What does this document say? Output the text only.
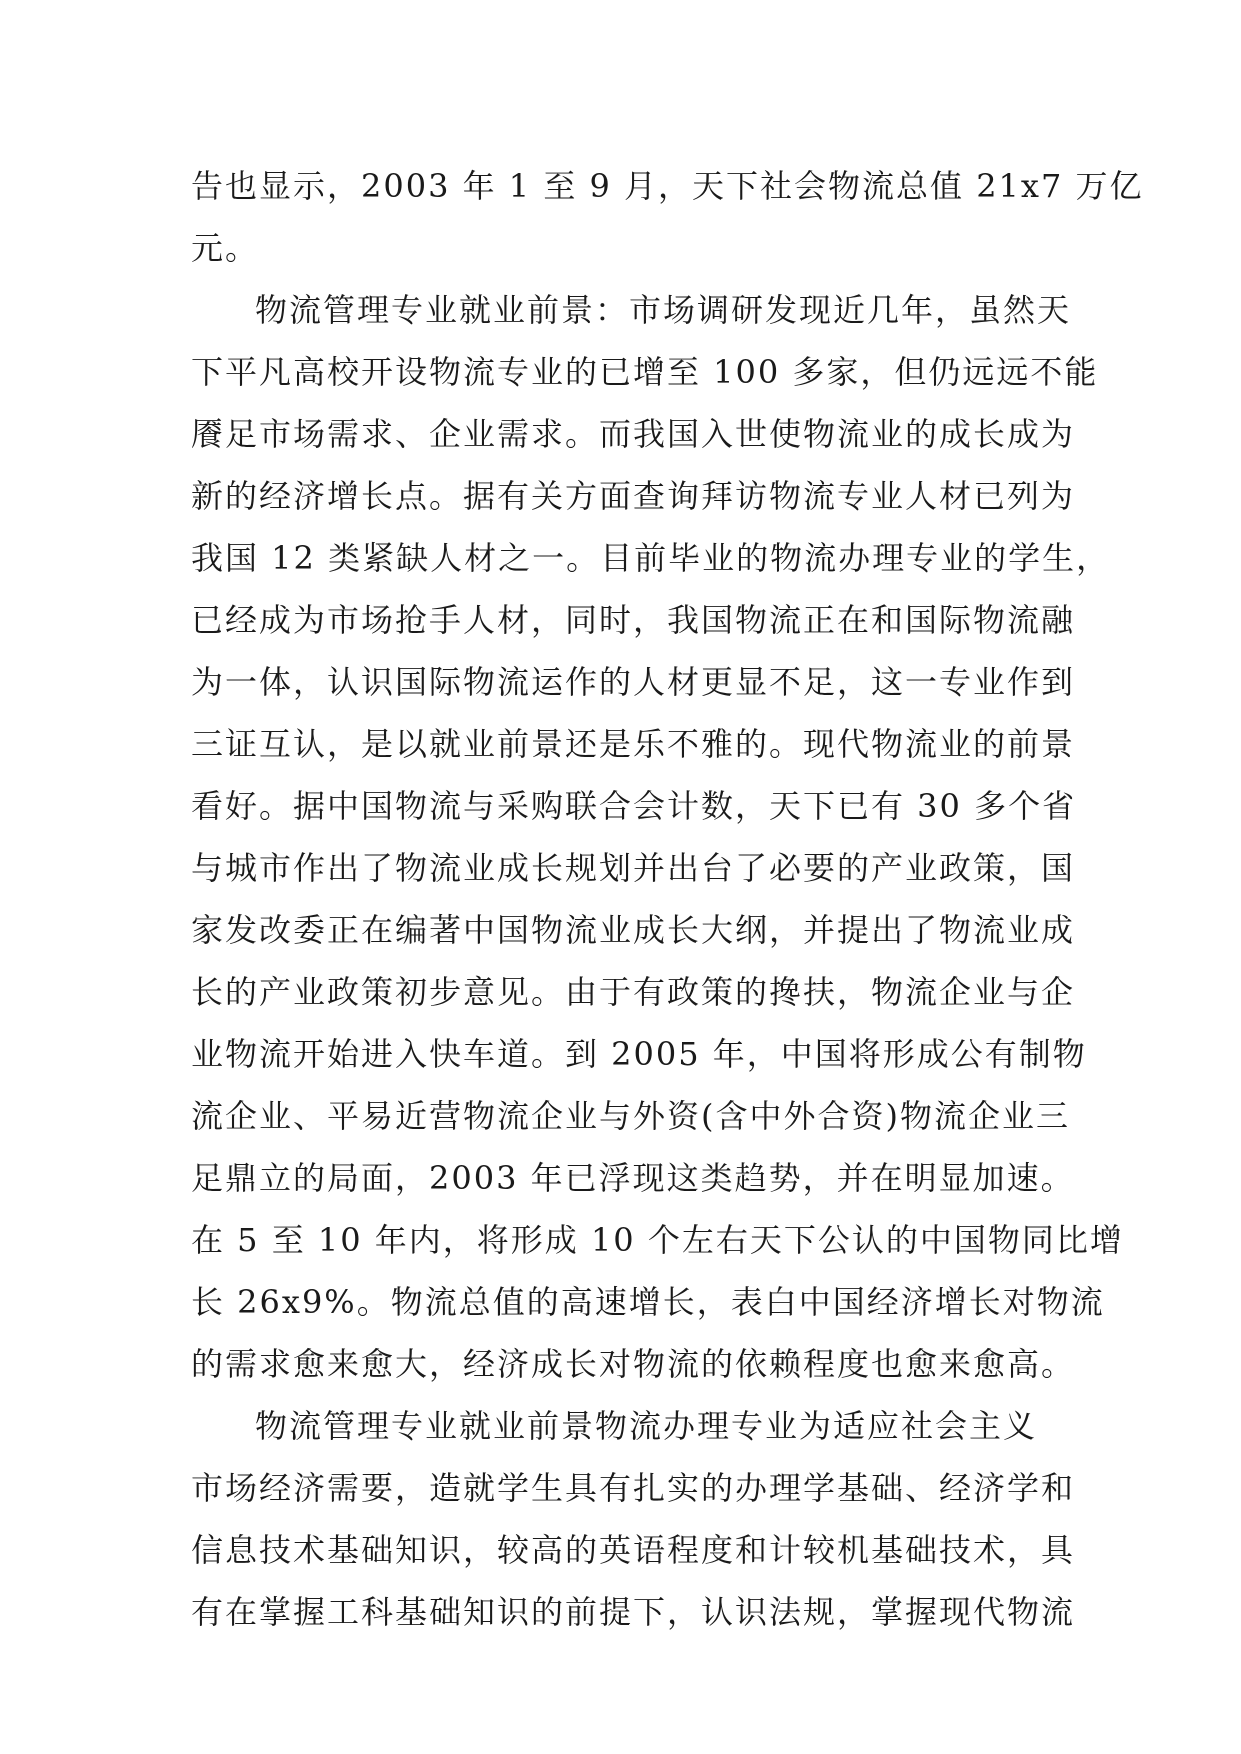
告也显示，2003 年 1 至 9 月，天下社会物流总值 21x7 万亿
元。
物流管理专业就业前景：市场调研发现近几年，虽然天
下平凡高校开设物流专业的已增至 100 多家，但仍远远不能
餍足市场需求、企业需求。而我国入世使物流业的成长成为
新的经济增长点。据有关方面查询拜访物流专业人材已列为
我国 12 类紧缺人材之一。目前毕业的物流办理专业的学生，
已经成为市场抢手人材，同时，我国物流正在和国际物流融
为一体，认识国际物流运作的人材更显不足，这一专业作到
三证互认，是以就业前景还是乐不雅的。现代物流业的前景
看好。据中国物流与采购联合会计数，天下已有 30 多个省
与城市作出了物流业成长规划并出台了必要的产业政策，国
家发改委正在编著中国物流业成长大纲，并提出了物流业成
长的产业政策初步意见。由于有政策的搀扶，物流企业与企
业物流开始进入快车道。到 2005 年，中国将形成公有制物
流企业、平易近营物流企业与外资(含中外合资)物流企业三
足鼎立的局面，2003 年已浮现这类趋势，并在明显加速。
在 5 至 10 年内，将形成 10 个左右天下公认的中国物同比增
长 26x9%。物流总值的高速增长，表白中国经济增长对物流
的需求愈来愈大，经济成长对物流的依赖程度也愈来愈高。
物流管理专业就业前景物流办理专业为适应社会主义
市场经济需要，造就学生具有扎实的办理学基础、经济学和
信息技术基础知识，较高的英语程度和计较机基础技术，具
有在掌握工科基础知识的前提下，认识法规，掌握现代物流
